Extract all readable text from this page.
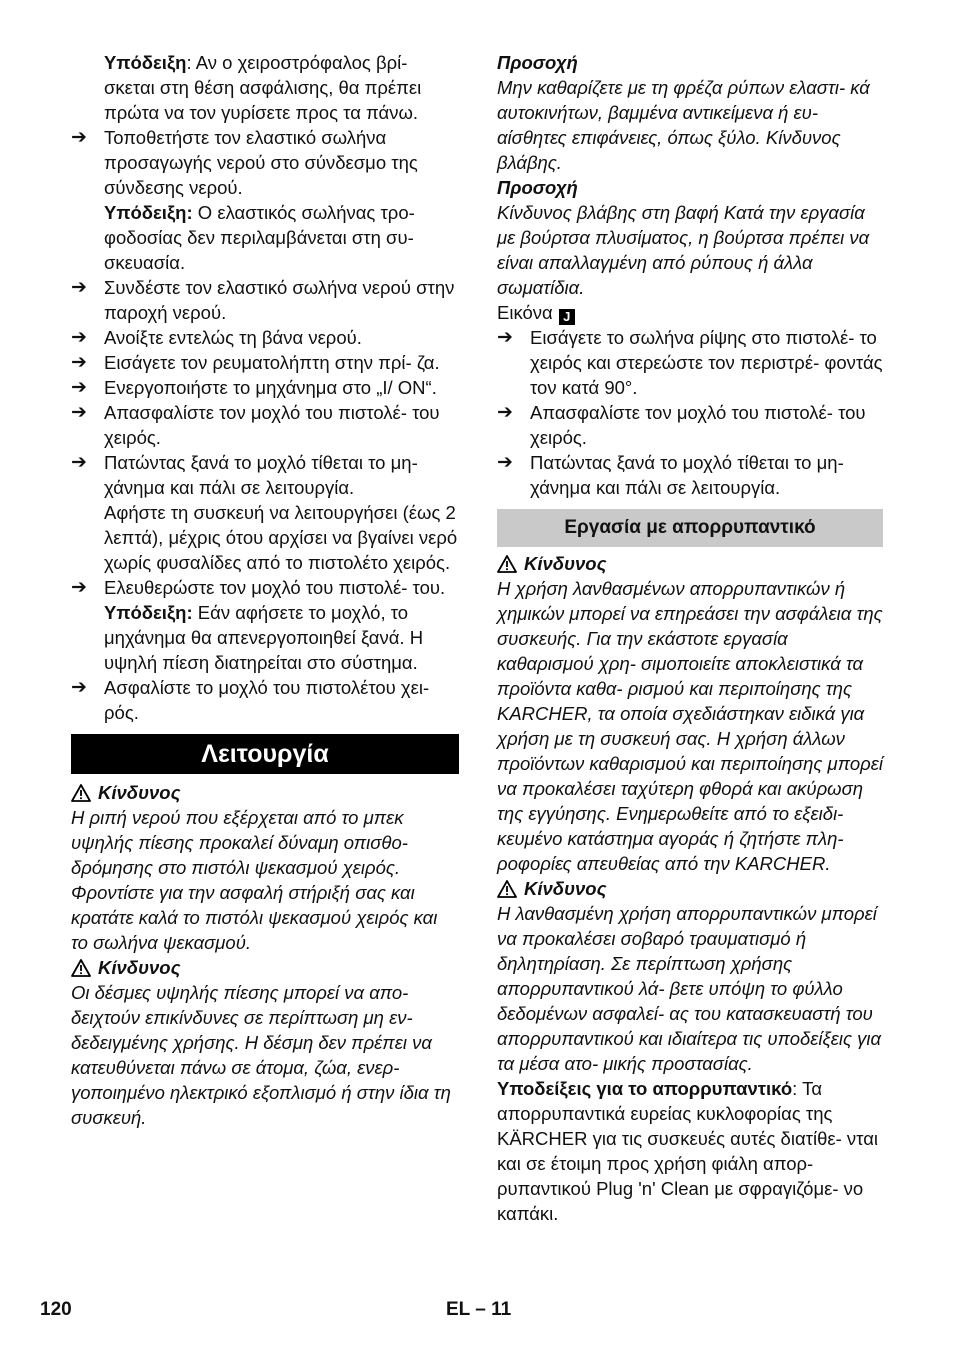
Υπόδειξη: Αν ο χειροστρόφαλος βρί- σκεται στη θέση ασφάλισης, θα πρέπει πρώτα να τον γυρίσετε προς τα πάνω.

➔ Τοποθετήστε τον ελαστικό σωλήνα προσαγωγής νερού στο σύνδεσμο της σύνδεσης νερού.

Υπόδειξη: Ο ελαστικός σωλήνας τρο- φοδοσίας δεν περιλαμβάνεται στη συ- σκευασία.

➔ Συνδέστε τον ελαστικό σωλήνα νερού στην παροχή νερού.
➔ Ανοίξτε εντελώς τη βάνα νερού.
➔ Εισάγετε τον ρευματολήπτη στην πρί- ζα.
➔ Ενεργοποιήστε το μηχάνημα στο „I/ ON“.
➔ Απασφαλίστε τον μοχλό του πιστολέ- του χειρός.
➔ Πατώντας ξανά το μοχλό τίθεται το μη- χάνημα και πάλι σε λειτουργία.

Αφήστε τη συσκευή να λειτουργήσει (έως 2 λεπτά), μέχρις ότου αρχίσει να βγαίνει νερό χωρίς φυσαλίδες από το πιστολέτο χειρός.

➔ Ελευθερώστε τον μοχλό του πιστολέ- του.

Υπόδειξη: Εάν αφήσετε το μοχλό, το μηχάνημα θα απενεργοποιηθεί ξανά. Η υψηλή πίεση διατηρείται στο σύστημα.

➔ Ασφαλίστε το μοχλό του πιστολέτου χει- ρός.
Λειτουργία
Κίνδυνος

Η ριπή νερού που εξέρχεται από το μπεκ υψηλής πίεσης προκαλεί δύναμη οπισθο- δρόμησης στο πιστόλι ψεκασμού χειρός. Φροντίστε για την ασφαλή στήριξή σας και κρατάτε καλά το πιστόλι ψεκασμού χειρός και το σωλήνα ψεκασμού.

Κίνδυνος

Οι δέσμες υψηλής πίεσης μπορεί να απο- δειχτούν επικίνδυνες σε περίπτωση μη εν- δεδειγμένης χρήσης. Η δέσμη δεν πρέπει να κατευθύνεται πάνω σε άτομα, ζώα, ενερ- γοποιημένο ηλεκτρικό εξοπλισμό ή στην ίδια τη συσκευή.

Προσοχή

Μην καθαρίζετε με τη φρέζα ρύπων ελαστι- κά αυτοκινήτων, βαμμένα αντικείμενα ή ευ- αίσθητες επιφάνειες, όπως ξύλο. Κίνδυνος βλάβης.

Προσοχή

Κίνδυνος βλάβης στη βαφή Κατά την εργασία με βούρτσα πλυσίματος, η βούρτσα πρέπει να είναι απαλλαγμένη από ρύπους ή άλλα σωματίδια.

Εικόνα J

➔ Εισάγετε το σωλήνα ρίψης στο πιστολέ- το χειρός και στερεώστε τον περιστρέ- φοντάς τον κατά 90°.
➔ Απασφαλίστε τον μοχλό του πιστολέ- του χειρός.
➔ Πατώντας ξανά το μοχλό τίθεται το μη- χάνημα και πάλι σε λειτουργία.
Εργασία με απορρυπαντικό
Κίνδυνος

Η χρήση λανθασμένων απορρυπαντικών ή χημικών μπορεί να επηρεάσει την ασφάλεια της συσκευής. Για την εκάστοτε εργασία καθαρισμού χρη- σιμοποιείτε αποκλειστικά τα προϊόντα καθα- ρισμού και περιποίησης της KARCHER, τα οποία σχεδιάστηκαν ειδικά για χρήση με τη συσκευή σας. Η χρήση άλλων προϊόντων καθαρισμού και περιποίησης μπορεί να προκαλέσει ταχύτερη φθορά και ακύρωση της εγγύησης. Ενημερωθείτε από το εξειδι- κευμένο κατάστημα αγοράς ή ζητήστε πλη- ροφορίες απευθείας από την KARCHER.

Κίνδυνος

Η λανθασμένη χρήση απορρυπαντικών μπορεί να προκαλέσει σοβαρό τραυματισμό ή δηλητηρίαση. Σε περίπτωση χρήσης απορρυπαντικού λά- βετε υπόψη το φύλλο δεδομένων ασφαλεί- ας του κατασκευαστή του απορρυπαντικού και ιδιαίτερα τις υποδείξεις για τα μέσα ατο- μικής προστασίας.

Υποδείξεις για το απορρυπαντικό: Τα απορρυπαντικά ευρείας κυκλοφορίας της KÄRCHER για τις συσκευές αυτές διατίθε- νται και σε έτοιμη προς χρήση φιάλη απορ- ρυπαντικού Plug 'n' Clean με σφραγιζόμε- νο καπάκι.

120	EL – 11
